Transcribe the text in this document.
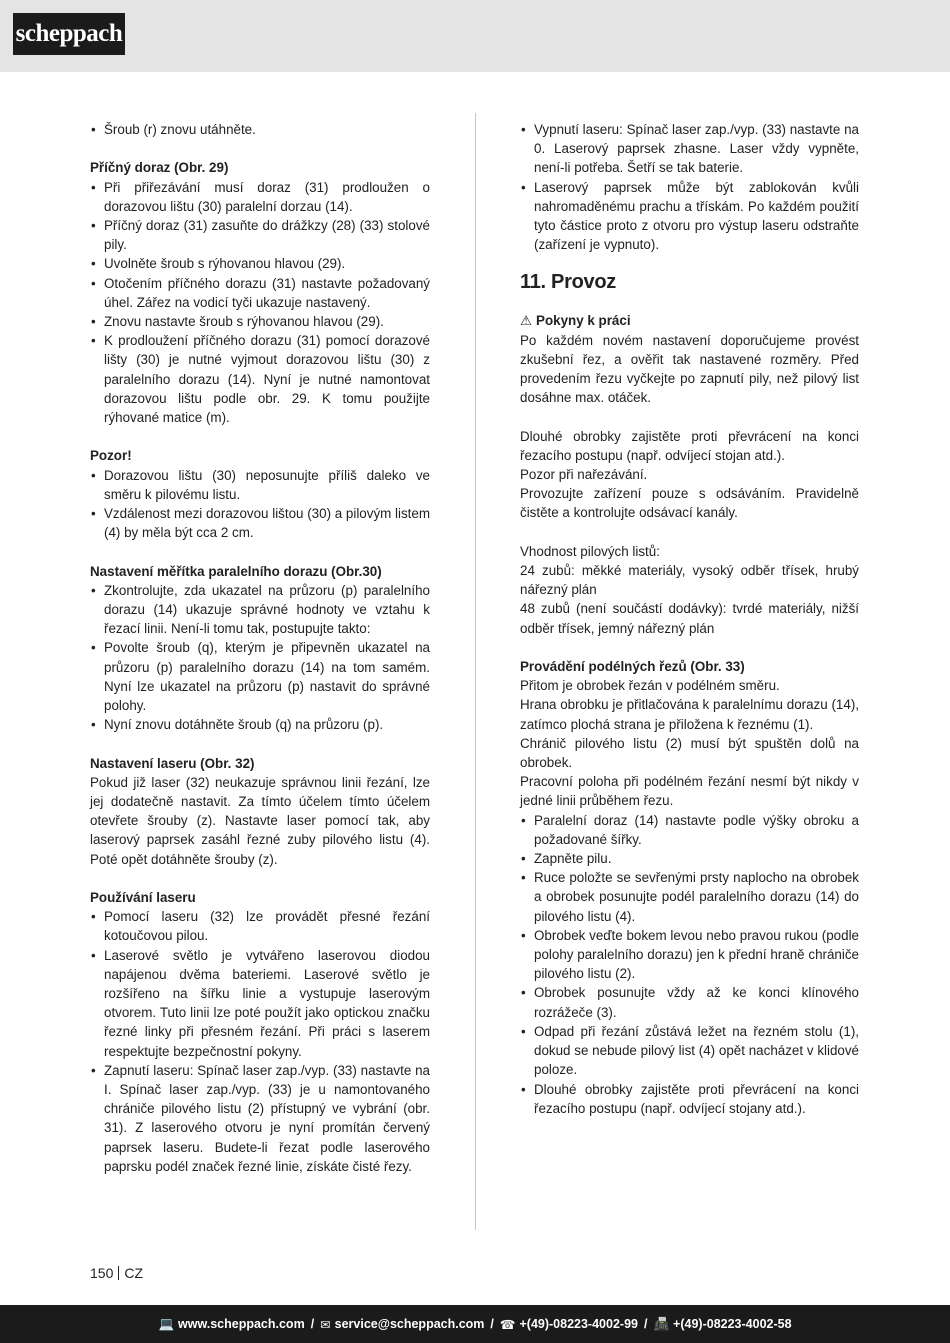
scheppach
• Šroub (r) znovu utáhněte.

Příčný doraz (Obr. 29)

• Při přiřezávání musí doraz (31) prodloužen o dorazovou lištu (30) paralelní dorzau (14).
• Příčný doraz (31) zasuňte do drážkzy (28) (33) stolové pily.
• Uvolněte šroub s rýhovanou hlavou (29).
• Otočením příčného dorazu (31) nastavte požadovaný úhel. Zářez na vodicí tyči ukazuje nastavený.
• Znovu nastavte šroub s rýhovanou hlavou (29).
• K prodloužení příčného dorazu (31) pomocí dorazové lišty (30) je nutné vyjmout dorazovou lištu (30) z paralelního dorazu (14). Nyní je nutné namontovat dorazovou lištu podle obr. 29. K tomu použijte rýhované matice (m).

Pozor!

• Dorazovou lištu (30) neposunujte příliš daleko ve směru k pilovému listu.
• Vzdálenost mezi dorazovou lištou (30) a pilovým listem (4) by měla být cca 2 cm.

Nastavení měřítka paralelního dorazu (Obr.30)

• Zkontrolujte, zda ukazatel na průzoru (p) paralelního dorazu (14) ukazuje správné hodnoty ve vztahu k řezací linii. Není-li tomu tak, postupujte takto:
• Povolte šroub (q), kterým je připevněn ukazatel na průzoru (p) paralelního dorazu (14) na tom samém. Nyní lze ukazatel na průzoru (p) nastavit do správné polohy.
• Nyní znovu dotáhněte šroub (q) na průzoru (p).

Nastavení laseru (Obr. 32)

Pokud již laser (32) neukazuje správnou linii řezání, lze jej dodatečně nastavit. Za tímto účelem tímto účelem otevřete šrouby (z). Nastavte laser pomocí tak, aby laserový paprsek zasáhl řezné zuby pilového listu (4). Poté opět dotáhněte šrouby (z).

Používání laseru

• Pomocí laseru (32) lze provádět přesné řezání kotoučovou pilou.
• Laserové světlo je vytvářeno laserovou diodou napájenou dvěma bateriemi. Laserové světlo je rozšířeno na šířku linie a vystupuje laserovým otvorem. Tuto linii lze poté použít jako optickou značku řezné linky při přesném řezání. Při práci s laserem respektujte bezpečnostní pokyny.
• Zapnutí laseru: Spínač laser zap./vyp. (33) nastavte na I. Spínač laser zap./vyp. (33) je u namontovaného chrániče pilového listu (2) přístupný ve vybrání (obr. 31). Z laserového otvoru je nyní promítán červený paprsek laseru. Budete-li řezat podle laserového paprsku podél značek řezné linie, získáte čisté řezy.
• Vypnutí laseru: Spínač laser zap./vyp. (33) nastavte na 0. Laserový paprsek zhasne. Laser vždy vypněte, není-li potřeba. Šetří se tak baterie.
• Laserový paprsek může být zablokován kvůli nahromaděnému prachu a třískám. Po každém použití tyto částice proto z otvoru pro výstup laseru odstraňte (zařízení je vypnuto).

11. Provoz

⚠ Pokyny k práci

Po každém novém nastavení doporučujeme provést zkušební řez, a ověřit tak nastavené rozměry. Před provedením řezu vyčkejte po zapnutí pily, než pilový list dosáhne max. otáček.

Dlouhé obrobky zajistěte proti převrácení na konci řezacího postupu (např. odvíjecí stojan atd.).

Pozor při nařezávání.

Provozujte zařízení pouze s odsáváním. Pravidelně čistěte a kontrolujte odsávací kanály.

Vhodnost pilových listů:

24 zubů: měkké materiály, vysoký odběr třísek, hrubý nářezný plán

48 zubů (není součástí dodávky): tvrdé materiály, nižší odběr třísek, jemný nářezný plán

Provádění podélných řezů (Obr. 33)

Přitom je obrobek řezán v podélném směru.

Hrana obrobku je přitlačována k paralelnímu dorazu (14), zatímco plochá strana je přiložena k řeznému (1).

Chránič pilového listu (2) musí být spuštěn dolů na obrobek.

Pracovní poloha při podélném řezání nesmí být nikdy v jedné linii průběhem řezu.

• Paralelní doraz (14) nastavte podle výšky obroku a požadované šířky.
• Zapněte pilu.
• Ruce položte se sevřenými prsty naplocho na obrobek a obrobek posunujte podél paralelního dorazu (14) do pilového listu (4).
• Obrobek veďte bokem levou nebo pravou rukou (podle polohy paralelního dorazu) jen k přední hraně chrániče pilového listu (2).
• Obrobek posunujte vždy až ke konci klínového rozrážeče (3).
• Odpad při řezání zůstává ležet na řezném stolu (1), dokud se nebude pilový list (4) opět nacházet v klidové poloze.
• Dlouhé obrobky zajistěte proti převrácení na konci řezacího postupu (např. odvíjecí stojany atd.).
150 CZ
💻 www.scheppach.com / ✉ service@scheppach.com / ☎ +(49)-08223-4002-99 / 📠 +(49)-08223-4002-58
